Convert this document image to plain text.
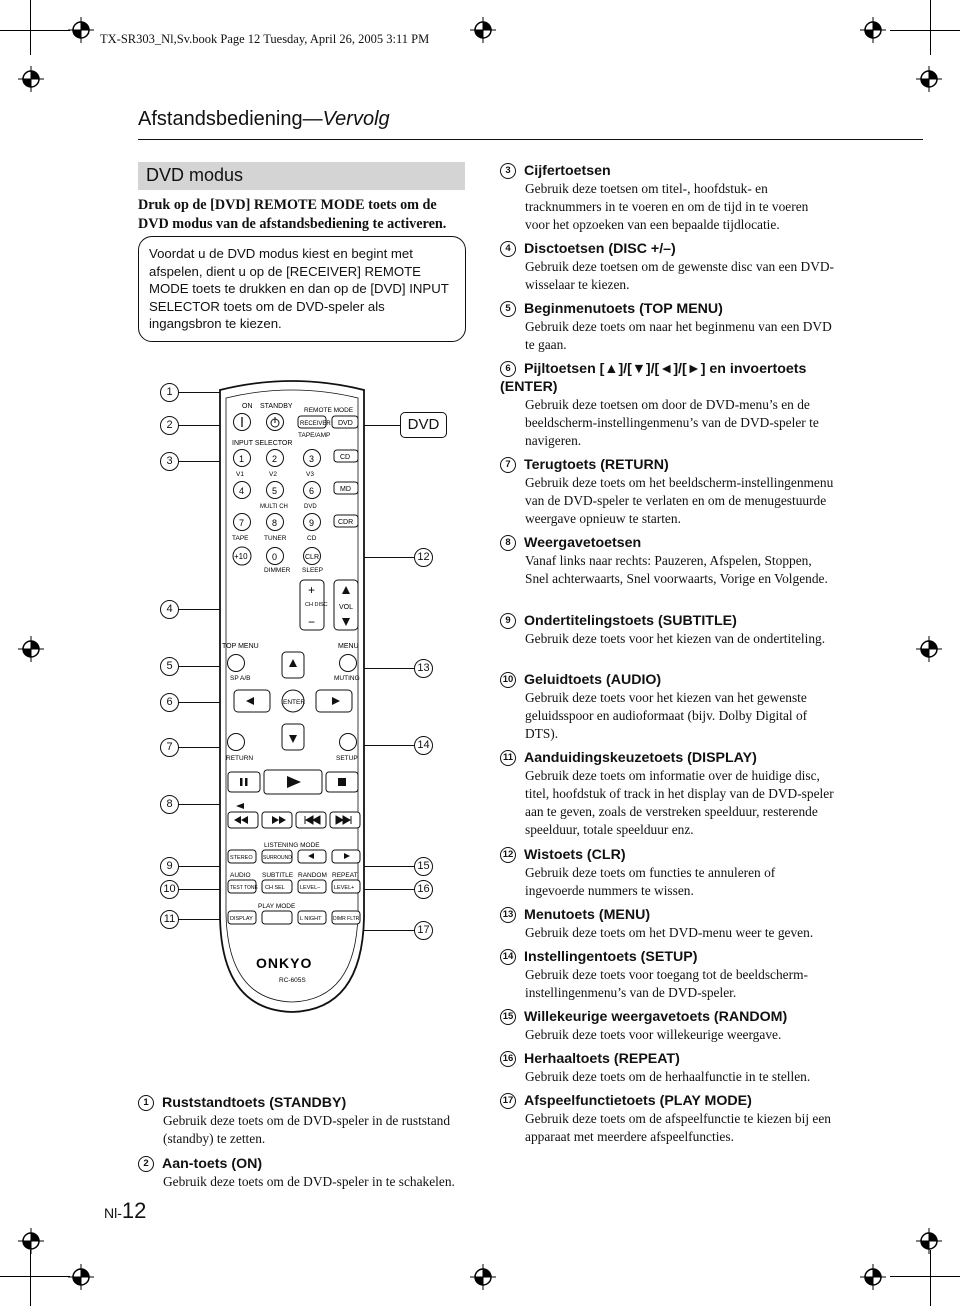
TX-SR303_Nl,Sv.book Page 12 Tuesday, April 26, 2005 3:11 PM
Afstandsbediening—Vervolg
DVD modus
Druk op de [DVD] REMOTE MODE toets om de DVD modus van de afstandsbediening te activeren.

Voordat u de DVD modus kiest en begint met afspelen, dient u op de [RECEIVER] REMOTE MODE toets te drukken en dan op de [DVD] INPUT SELECTOR toets om de DVD-speler als ingangsbron te kiezen.

1
2
3
4
5
6
7
8
9
10
11
12
13
14
15
16
17
DVD
ON STANDBY
REMOTE MODE
RECEIVER DVD
TAPE/AMP
INPUT SELECTOR
1	2	3	CD
V1	V2	V3
4	5	6	MD
MULTI CH	DVD
7	8	9	CDR
TAPE TUNER	CD
+10	0	CLR
DIMMER SLEEP
+
CH DISC
−
VOL
TOP MENU	MENU
SP A/B	MUTING
ENTER
RETURN	SETUP
LISTENING MODE
STEREO SURROUND
AUDIO SUBTITLE RANDOM REPEAT
TEST TONE CH SEL	LEVEL− LEVEL+
PLAY MODE
DISPLAY	L NIGHT DIMR FLTR
ONKYO
RC-605S
1 Ruststandtoets (STANDBY)

Gebruik deze toets om de DVD-speler in de ruststand (standby) te zetten.

2 Aan-toets (ON)

Gebruik deze toets om de DVD-speler in te schakelen.

3 Cijfertoetsen

Gebruik deze toetsen om titel-, hoofdstuk- en tracknummers in te voeren en om de tijd in te voeren voor het opzoeken van een bepaalde tijdlocatie.

4 Disctoetsen (DISC +/–)

Gebruik deze toetsen om de gewenste disc van een DVD-wisselaar te kiezen.

5 Beginmenutoets (TOP MENU)

Gebruik deze toets om naar het beginmenu van een DVD te gaan.

6 Pijltoetsen [▲]/[▼]/[◄]/[►] en invoertoets (ENTER)

Gebruik deze toetsen om door de DVD-menu’s en de beeldscherm-instellingenmenu’s van de DVD-speler te navigeren.

7 Terugtoets (RETURN)

Gebruik deze toets om het beeldscherm-instellingenmenu van de DVD-speler te verlaten en om de menugestuurde weergave opnieuw te starten.

8 Weergavetoetsen

Vanaf links naar rechts: Pauzeren, Afspelen, Stoppen, Snel achterwaarts, Snel voorwaarts, Vorige en Volgende.

9 Ondertitelingstoets (SUBTITLE)

Gebruik deze toets voor het kiezen van de ondertiteling.

10 Geluidtoets (AUDIO)

Gebruik deze toets voor het kiezen van het gewenste geluidsspoor en audioformaat (bijv. Dolby Digital of DTS).

11 Aanduidingskeuzetoets (DISPLAY)

Gebruik deze toets om informatie over de huidige disc, titel, hoofdstuk of track in het display van de DVD-speler aan te geven, zoals de verstreken speelduur, resterende speelduur, totale speelduur enz.

12 Wistoets (CLR)

Gebruik deze toets om functies te annuleren of ingevoerde nummers te wissen.

13 Menutoets (MENU)

Gebruik deze toets om het DVD-menu weer te geven.

14 Instellingentoets (SETUP)

Gebruik deze toets voor toegang tot de beeldscherm-instellingenmenu’s van de DVD-speler.

15 Willekeurige weergavetoets (RANDOM)

Gebruik deze toets voor willekeurige weergave.

16 Herhaaltoets (REPEAT)

Gebruik deze toets om de herhaalfunctie in te stellen.

17 Afspeelfunctietoets (PLAY MODE)

Gebruik deze toets om de afspeelfunctie te kiezen bij een apparaat met meerdere afspeelfuncties.

Nl-12
